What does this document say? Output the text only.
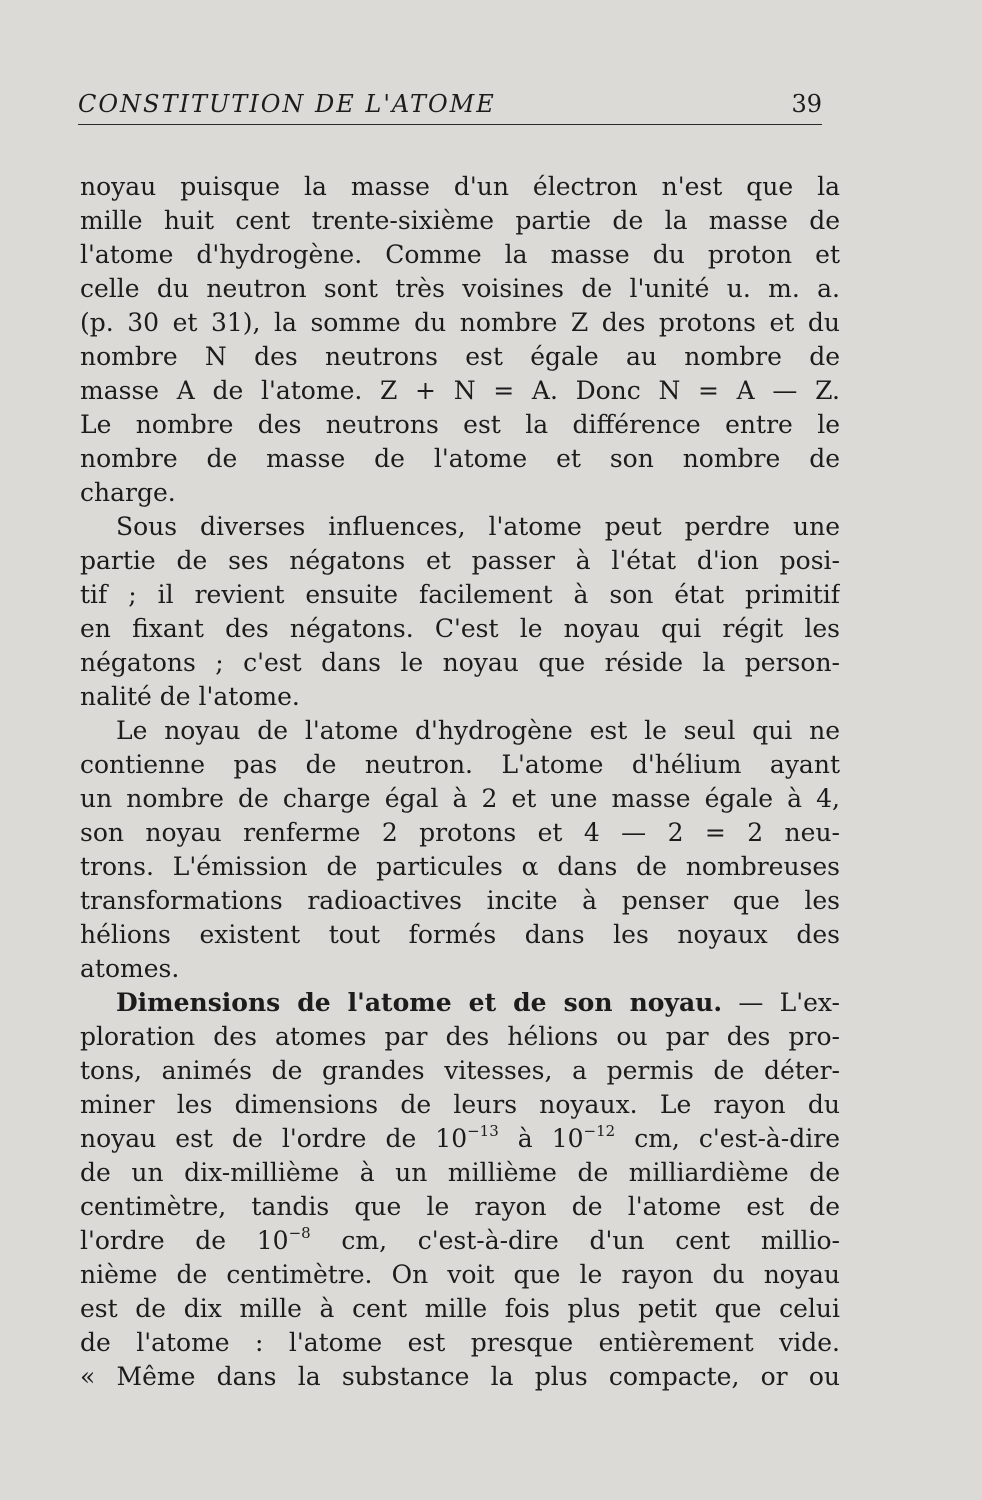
CONSTITUTION DE L'ATOME	39
noyau puisque la masse d'un électron n'est que la
mille huit cent trente-sixième partie de la masse de
l'atome d'hydrogène. Comme la masse du proton et
celle du neutron sont très voisines de l'unité u. m. a.
(p. 30 et 31), la somme du nombre Z des protons et du
nombre N des neutrons est égale au nombre de
masse A de l'atome. Z + N = A. Donc N = A — Z.
Le nombre des neutrons est la différence entre le
nombre de masse de l'atome et son nombre de
charge.
Sous diverses influences, l'atome peut perdre une
partie de ses négatons et passer à l'état d'ion posi-
tif ; il revient ensuite facilement à son état primitif
en fixant des négatons. C'est le noyau qui régit les
négatons ; c'est dans le noyau que réside la person-
nalité de l'atome.
Le noyau de l'atome d'hydrogène est le seul qui ne
contienne pas de neutron. L'atome d'hélium ayant
un nombre de charge égal à 2 et une masse égale à 4,
son noyau renferme 2 protons et 4 — 2 = 2 neu-
trons. L'émission de particules α dans de nombreuses
transformations radioactives incite à penser que les
hélions existent tout formés dans les noyaux des
atomes.
Dimensions de l'atome et de son noyau. — L'ex-
ploration des atomes par des hélions ou par des pro-
tons, animés de grandes vitesses, a permis de déter-
miner les dimensions de leurs noyaux. Le rayon du
noyau est de l'ordre de $10^{-13}$ à $10^{-12}$ cm, c'est-à-dire
de un dix-millième à un millième de milliardième de
centimètre, tandis que le rayon de l'atome est de
l'ordre de $10^{-8}$ cm, c'est-à-dire d'un cent millio-
nième de centimètre. On voit que le rayon du noyau
est de dix mille à cent mille fois plus petit que celui
de l'atome : l'atome est presque entièrement vide.
« Même dans la substance la plus compacte, or ou
